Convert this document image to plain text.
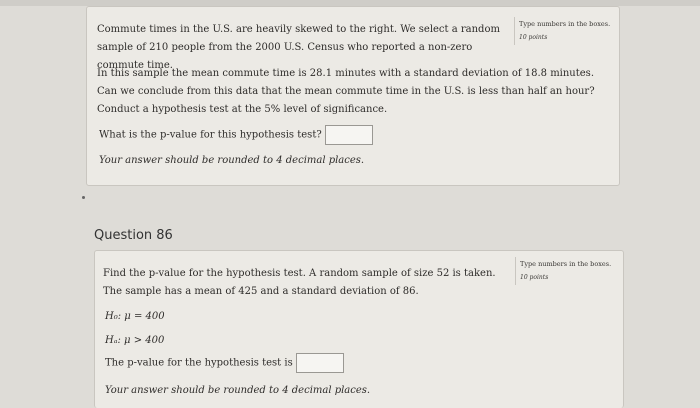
Commute times in the U.S. are heavily skewed to the right. We select a random sample of 210 people from the 2000 U.S. Census who reported a non-zero commute time.
Type numbers in the boxes.
10 points
In this sample the mean commute time is 28.1 minutes with a standard deviation of 18.8 minutes. Can we conclude from this data that the mean commute time in the U.S. is less than half an hour? Conduct a hypothesis test at the 5% level of significance.
What is the p-value for this hypothesis test?
Your answer should be rounded to 4 decimal places.
Question 86
Find the p-value for the hypothesis test. A random sample of size 52 is taken. The sample has a mean of 425 and a standard deviation of 86.
Type numbers in the boxes.
10 points
H₀: μ = 400
Hₐ: μ > 400
The p-value for the hypothesis test is
Your answer should be rounded to 4 decimal places.
